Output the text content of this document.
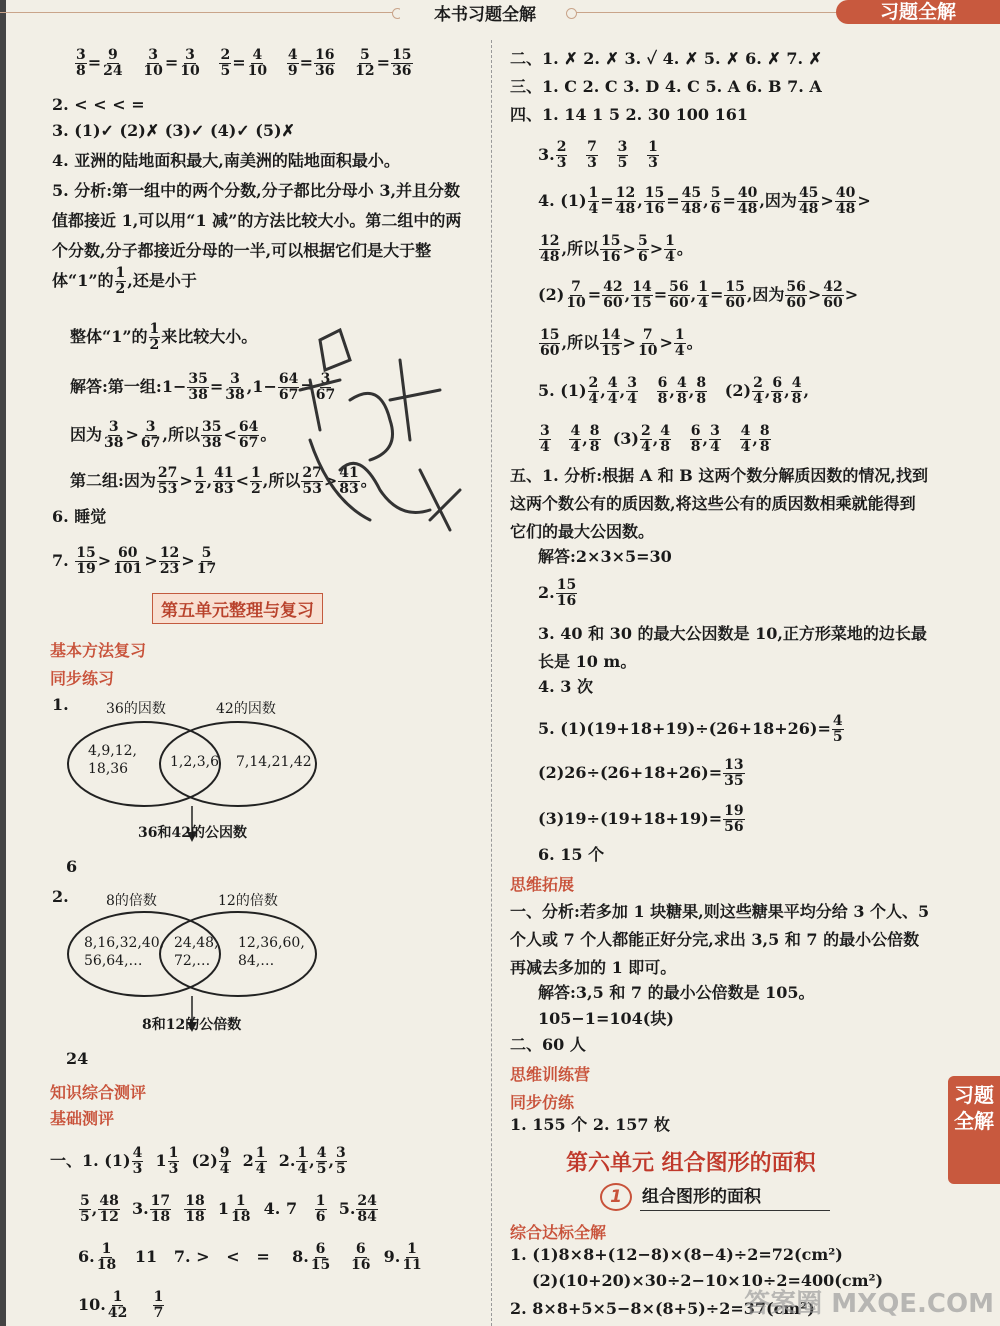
本书习题全解	习题全解
$\frac{3}{8} = \frac{9}{24}$
$\frac{3}{10} = \frac{3}{10}$
$\frac{2}{5} = \frac{4}{10}$
$\frac{4}{9} = \frac{16}{36}$
$\frac{5}{12} = \frac{15}{36}$
2. < < < =
3. (1)✓ (2)✗ (3)✓ (4)✓ (5)✗
4. 亚洲的陆地面积最大,南美洲的陆地面积最小。
5. 分析:第一组中的两个分数,分子都比分母小 3,并且分数值都接近 1,可以用“1 减”的方法比较大小。第二组中的两个分数,分子都接近分母的一半,可以根据它们是大于整体“1”的 $\frac{1}{2}$ ,还是小于
整体“1”的 $\frac{1}{2}$ 来比较大小。
解答:第一组:1− $\frac{35}{38} = \frac{3}{38} ,1- \frac{64}{67} = \frac{3}{67}$
因为 $\frac{3}{38} > \frac{3}{67}$ ,所以 $\frac{35}{38} < \frac{64}{67}$ 。
第二组:因为 $\frac{27}{53} > \frac{1}{2}$ , $\frac{41}{83} < \frac{1}{2}$ ,所以 $\frac{27}{53} > \frac{41}{83}$ 。
6. 睡觉
7. $\frac{15}{19} > \frac{60}{101} > \frac{12}{23} > \frac{5}{17}$
第五单元整理与复习
基本方法复习
同步练习
1.	36的因数	42的因数
4,9,12,
18,36	1,2,3,6 7,14,21,42
36和42的公因数
6
2.	8的倍数	12的倍数
8,16,32,40,
56,64,…
24,48,
72,…
12,36,60,
84,…
8和12的公倍数
24
知识综合测评
基础测评
一、1. $(1) \frac{4}{3} 1 \frac{1}{3} (2) \frac{9}{4} 2 \frac{1}{4} 2$. $\frac{1}{4}$ , $\frac{4}{5}$ , $\frac{3}{5}$
$\frac{5}{5}$ , $\frac{48}{12} 3$. $\frac{17}{18}$
$\frac{18}{18} 1 \frac{1}{18} 4$. $7 \frac{1}{6} 5$. $\frac{24}{84}$
6. $\frac{1}{18} 11$   7. >   <   =    8. $\frac{6}{15}$
$\frac{6}{16} 9$. $\frac{1}{11}$
10. $\frac{1}{42}$
$\frac{1}{7}$
二、1. ✗ 2. ✗ 3. ✓ 4. ✗ 5. ✗ 6. ✗ 7. ✗
三、1. C 2. C 3. D 4. C 5. A 6. B 7. A
四、1. 14 1 5 2. 30 100 161
3. $\frac{2}{3}$
$\frac{7}{3}$
$\frac{3}{5}$
$\frac{1}{3}$
4. $(1) \frac{1}{4} = \frac{12}{48}$ , $\frac{15}{16} = \frac{45}{48}$ , $\frac{5}{6} = \frac{40}{48}$ ,因为 $\frac{45}{48} > \frac{40}{48}$ >
$\frac{12}{48}$ ,所以 $\frac{15}{16} > \frac{5}{6} > \frac{1}{4}$ 。
$(2) \frac{7}{10} = \frac{42}{60}$ , $\frac{14}{15} = \frac{56}{60}$ , $\frac{1}{4} = \frac{15}{60}$ ,因为 $\frac{56}{60} > \frac{42}{60}$ >
$\frac{15}{60}$ ,所以 $\frac{14}{15} > \frac{7}{10} > \frac{1}{4}$ 。
5. $(1) \frac{2}{4}$ , $\frac{4}{4}$ , $\frac{3}{4}$
$\frac{6}{8}$ , $\frac{4}{8}$ , $\frac{8}{8} (2) \frac{2}{4}$ , $\frac{6}{8}$ , $\frac{4}{8}$ ,
$\frac{3}{4}$
$\frac{4}{4}$ , $\frac{8}{8} (3) \frac{2}{4}$ , $\frac{4}{8}$
$\frac{6}{8}$ , $\frac{3}{4}$
$\frac{4}{4}$ , $\frac{8}{8}$
五、1. 分析:根据 A 和 B 这两个数分解质因数的情况,找到这两个数公有的质因数,将这些公有的质因数相乘就能得到它们的最大公因数。
解答:2×3×5=30
2. $\frac{15}{16}$
3. 40 和 30 的最大公因数是 10,正方形菜地的边长最长是 10 m。
4. 3 次
5. $(1)(19+18+19)\div(26+18+26)= \frac{4}{5}$
$(2)26\div(26+18+26)= \frac{13}{35}$
$(3)19\div(19+18+19)= \frac{19}{56}$
6. 15 个
思维拓展
一、分析:若多加 1 块糖果,则这些糖果平均分给 3 个人、5 个人或 7 个人都能正好分完,求出 3,5 和 7 的最小公倍数再减去多加的 1 即可。
解答:3,5 和 7 的最小公倍数是 105。
105−1=104(块)
二、60 人
思维训练营
同步仿练
1. 155 个 2. 157 枚
第六单元 组合图形的面积
1 组合图形的面积
综合达标全解
1. (1)8×8+(12−8)×(8−4)÷2=72(cm²)
(2)(10+20)×30÷2−10×10÷2=400(cm²)
2. 8×8+5×5−8×(8+5)÷2=37(cm²)
习题全解
答案圈 MXQE.COM
